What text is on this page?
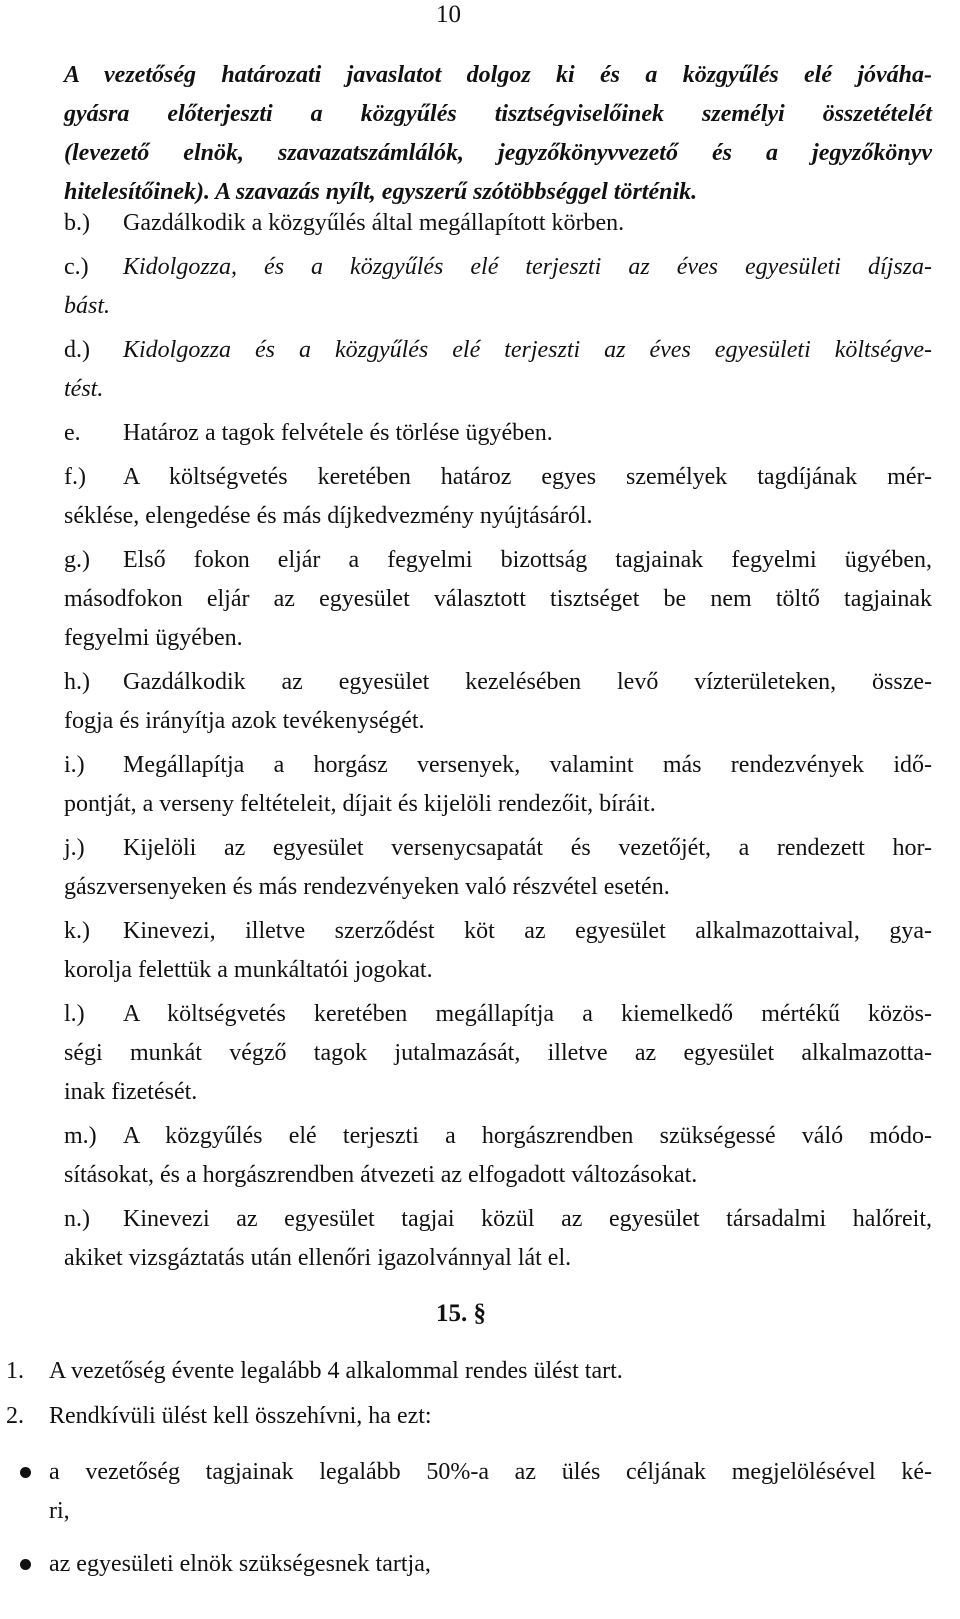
10
A vezetőség határozati javaslatot dolgoz ki és a közgyűlés elé jóváha-
gyásra előterjeszti a közgyűlés tisztségviselőinek személyi összetételét
(levezető elnök, szavazatszámlálók, jegyzőkönyvvezető és a jegyzőkönyv
hitelesítőinek). A szavazás nyílt, egyszerű szótöbbséggel történik.
b.)	Gazdálkodik a közgyűlés által megállapított körben.
c.)	Kidolgozza, és a közgyűlés elé terjeszti az éves egyesületi díjsza-
bást.
d.)	Kidolgozza és a közgyűlés elé terjeszti az éves egyesületi költségve-
tést.
e.	Határoz a tagok felvétele és törlése ügyében.
f.)	A költségvetés keretében határoz egyes személyek tagdíjának mér-
séklése, elengedése és más díjkedvezmény nyújtásáról.
g.)	Első fokon eljár a fegyelmi bizottság tagjainak fegyelmi ügyében,
másodfokon eljár az egyesület választott tisztséget be nem töltő tagjainak
fegyelmi ügyében.
h.)	Gazdálkodik az egyesület kezelésében levő vízterületeken, össze-
fogja és irányítja azok tevékenységét.
i.)	Megállapítja a horgász versenyek, valamint más rendezvények idő-
pontját, a verseny feltételeit, díjait és kijelöli rendezőit, bíráit.
j.)	Kijelöli az egyesület versenycsapatát és vezetőjét, a rendezett hor-
gászversenyeken és más rendezvényeken való részvétel esetén.
k.)	Kinevezi, illetve szerződést köt az egyesület alkalmazottaival, gya-
korolja felettük a munkáltatói jogokat.
l.)	A költségvetés keretében megállapítja a kiemelkedő mértékű közös-
ségi munkát végző tagok jutalmazását, illetve az egyesület alkalmazotta-
inak fizetését.
m.)	A közgyűlés elé terjeszti a horgászrendben szükségessé váló módo-
sításokat, és a horgászrendben átvezeti az elfogadott változásokat.
n.)	Kinevezi az egyesület tagjai közül az egyesület társadalmi halőreit,
akiket vizsgáztatás után ellenőri igazolvánnyal lát el.
15. §
1. A vezetőség évente legalább 4 alkalommal rendes ülést tart.
2. Rendkívüli ülést kell összehívni, ha ezt:
a vezetőség tagjainak legalább 50%-a az ülés céljának megjelölésével ké-
ri,
az egyesületi elnök szükségesnek tartja,
